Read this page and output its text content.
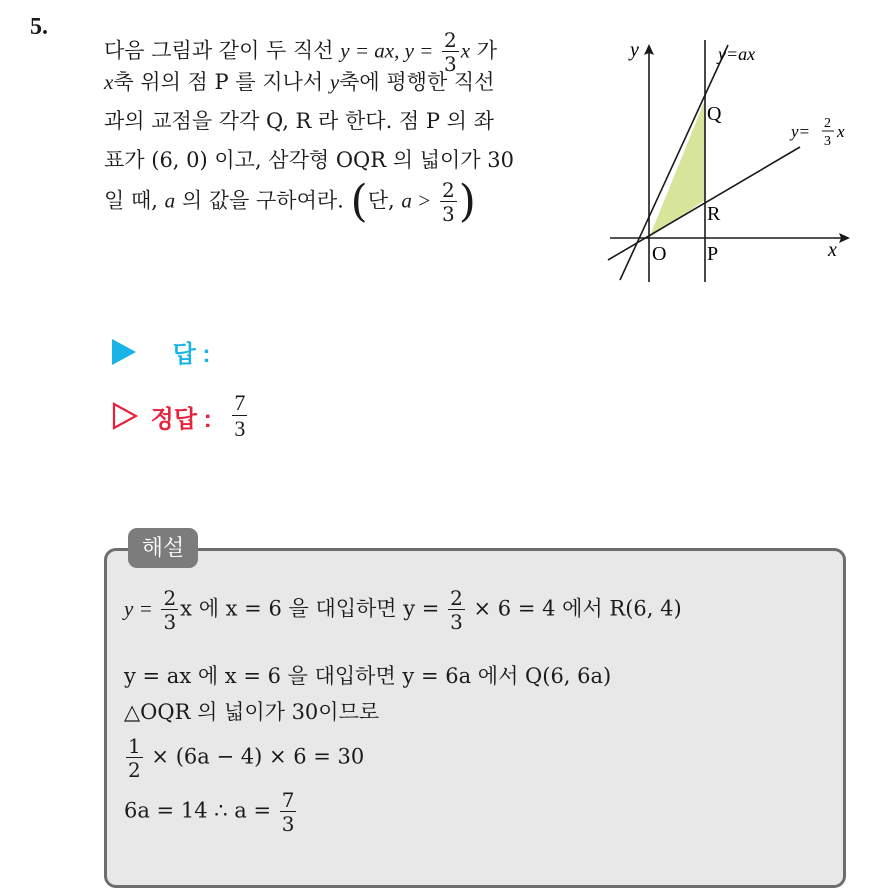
5.
다음 그림과 같이 두 직선 y = ax, $y = \frac{2}{3}$ x 가
x축 위의 점 P 를 지나서 y축에 평행한 직선
과의 교점을 각각 Q, R 라 한다. 점 P 의 좌
표가 (6, 0) 이고, 삼각형 OQR 의 넓이가 30
일 때, a 의 값을 구하여라. (단, $a > \frac{2}{3}$ )
y
x
y=ax
y= 2
3
x
Q
R
O P
답 :
정답 : $\frac{7}{3}$
해설
$y = \frac{2}{3}$ x 에 x = 6 을 대입하면 $y = \frac{2}{3} \times 6 = 4$ 에서 R(6, 4)
y = ax 에 x = 6 을 대입하면 y = 6a 에서 Q(6, 6a)
△OQR 의 넓이가 30이므로
$\frac{1}{2} \times (6a - 4) \times 6 = 30$
6a = 14 ∴ $a = \frac{7}{3}$
